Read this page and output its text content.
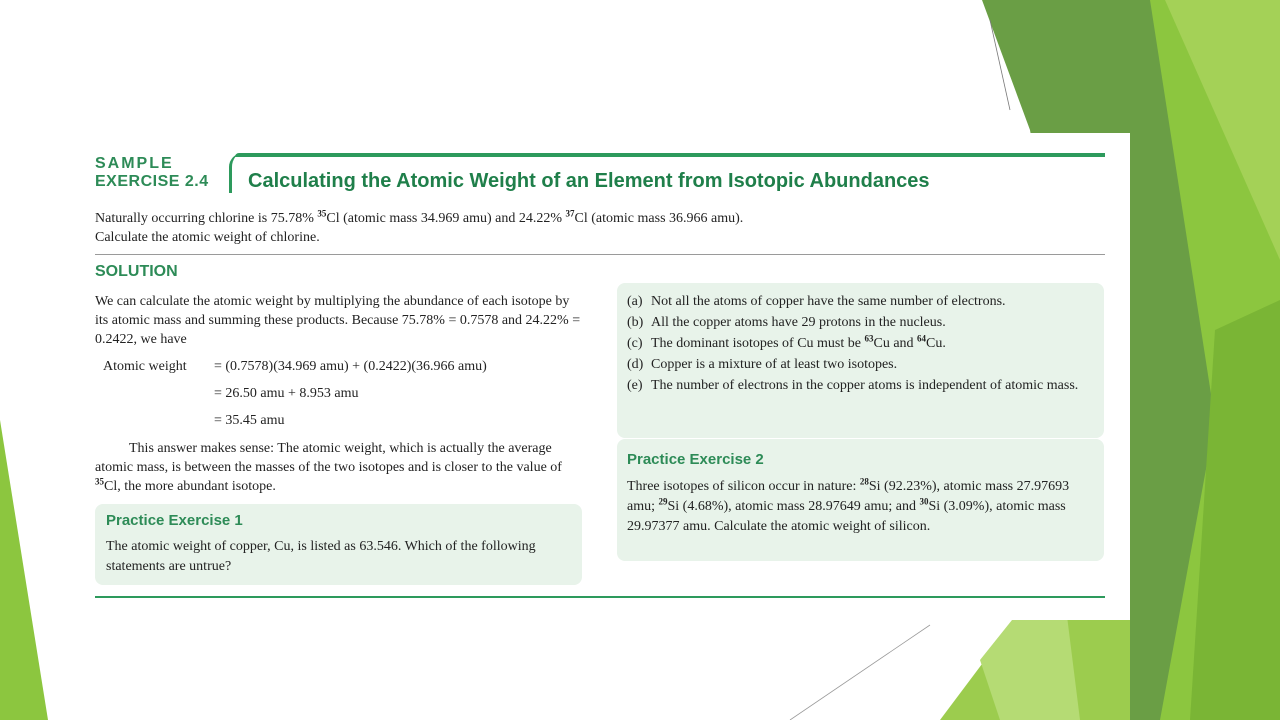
SAMPLE
EXERCISE 2.4 Calculating the Atomic Weight of an Element from Isotopic Abundances
Naturally occurring chlorine is 75.78% $^{35}$Cl (atomic mass 34.969 amu) and 24.22% $^{37}$Cl (atomic mass 36.966 amu). Calculate the atomic weight of chlorine.
SOLUTION
We can calculate the atomic weight by multiplying the abundance of each isotope by its atomic mass and summing these products. Because 75.78% = 0.7578 and 24.22% = 0.2422, we have
Atomic weight = (0.7578)(34.969 amu) + (0.2422)(36.966 amu)
= 26.50 amu + 8.953 amu
= 35.45 amu
This answer makes sense: The atomic weight, which is actually the average atomic mass, is between the masses of the two isotopes and is closer to the value of $^{35}$Cl, the more abundant isotope.
Practice Exercise 1
The atomic weight of copper, Cu, is listed as 63.546. Which of the following statements are untrue?
(a) Not all the atoms of copper have the same number of electrons.
(b) All the copper atoms have 29 protons in the nucleus.
(c) The dominant isotopes of Cu must be $^{63}$Cu and $^{64}$Cu.
(d) Copper is a mixture of at least two isotopes.
(e) The number of electrons in the copper atoms is independent of atomic mass.
Practice Exercise 2
Three isotopes of silicon occur in nature: $^{28}$Si (92.23%), atomic mass 27.97693 amu; $^{29}$Si (4.68%), atomic mass 28.97649 amu; and $^{30}$Si (3.09%), atomic mass 29.97377 amu. Calculate the atomic weight of silicon.
